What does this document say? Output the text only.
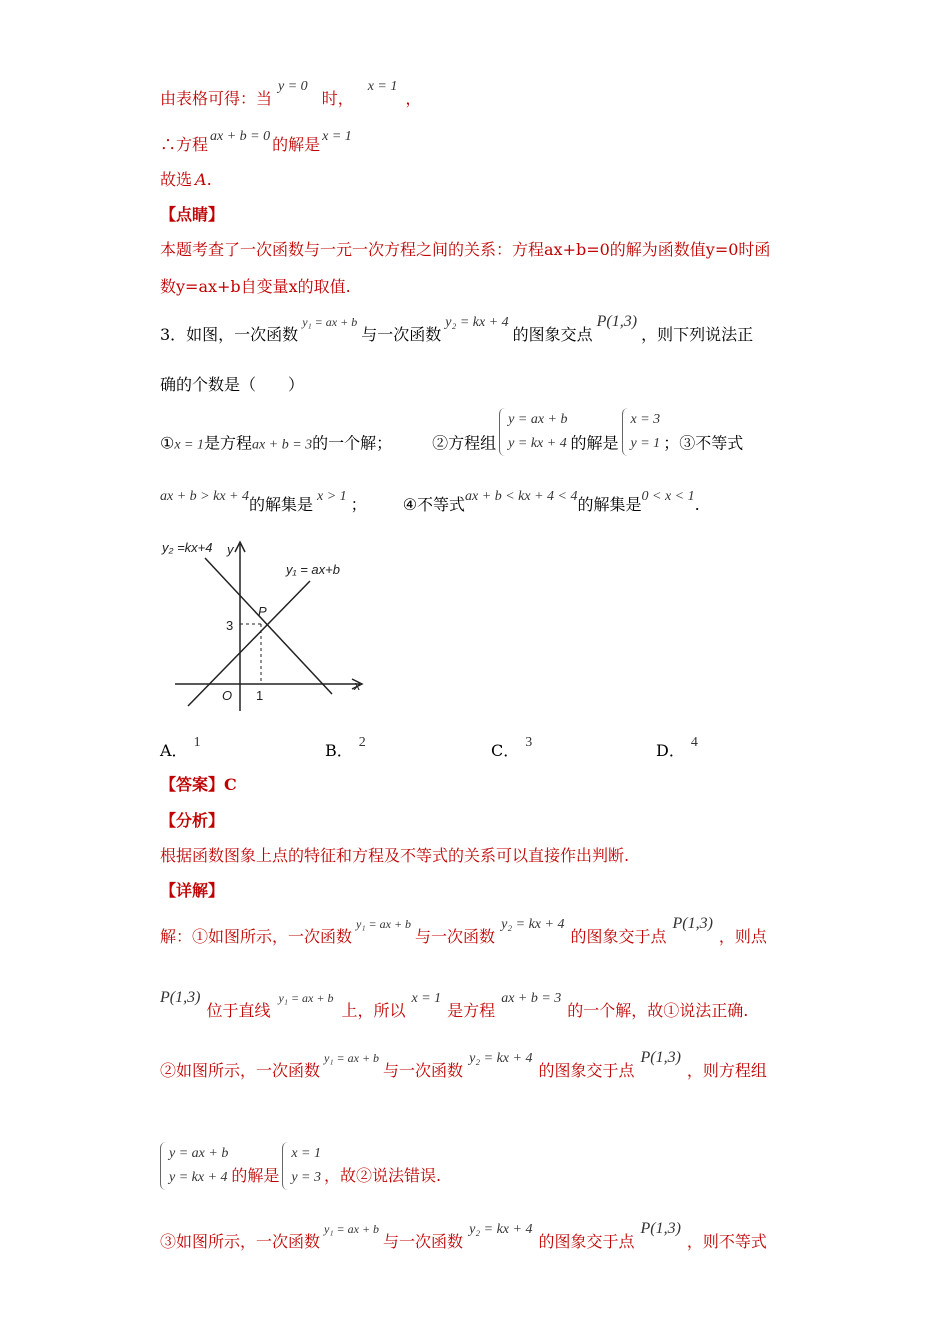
由表格可得：当y = 0时，x = 1，
∴方程 ax + b = 0 的解是 x = 1
故选 A.
【点睛】
本题考查了一次函数与一元一次方程之间的关系：方程ax+b=0的解为函数值y=0时函
数y=ax+b自变量x的取值.
3．如图，一次函数$^{y_1 = ax + b}$与一次函数y₂ = kx + 4的图象交点P(1,3)，则下列说法正
确的个数是（　　）
①x = 1是方程ax + b = 3的一个解；	②方程组
y = ax + b
y = kx + 4 的解是
x = 3
y = 1 ；③不等式
ax + b > kx + 4的解集是 x > 1 ； ④不等式ax + b < kx + 4 < 4的解集是0 < x < 1.
y₂ =kx+4 y
y₁ = ax+b
P
3
O 1
x
A． 1	B． 2	C． 3	D． 4
【答案】C
【分析】
根据函数图象上点的特征和方程及不等式的关系可以直接作出判断.
【详解】
解：①如图所示，一次函数$^{y_1 = ax + b}$与一次函数y₂ = kx + 4的图象交于点P(1,3)，则点
P(1,3)位于直线$^{y_1 = ax + b}$上，所以x = 1是方程ax + b = 3的一个解，故①说法正确.
②如图所示，一次函数$^{y_1 = ax + b}$与一次函数y₂ = kx + 4的图象交于点P(1,3)，则方程组
y = ax + b
y = kx + 4 的解是
x = 1
y = 3 ，故②说法错误.
③如图所示，一次函数$^{y_1 = ax + b}$与一次函数y₂ = kx + 4的图象交于点P(1,3)，则不等式
